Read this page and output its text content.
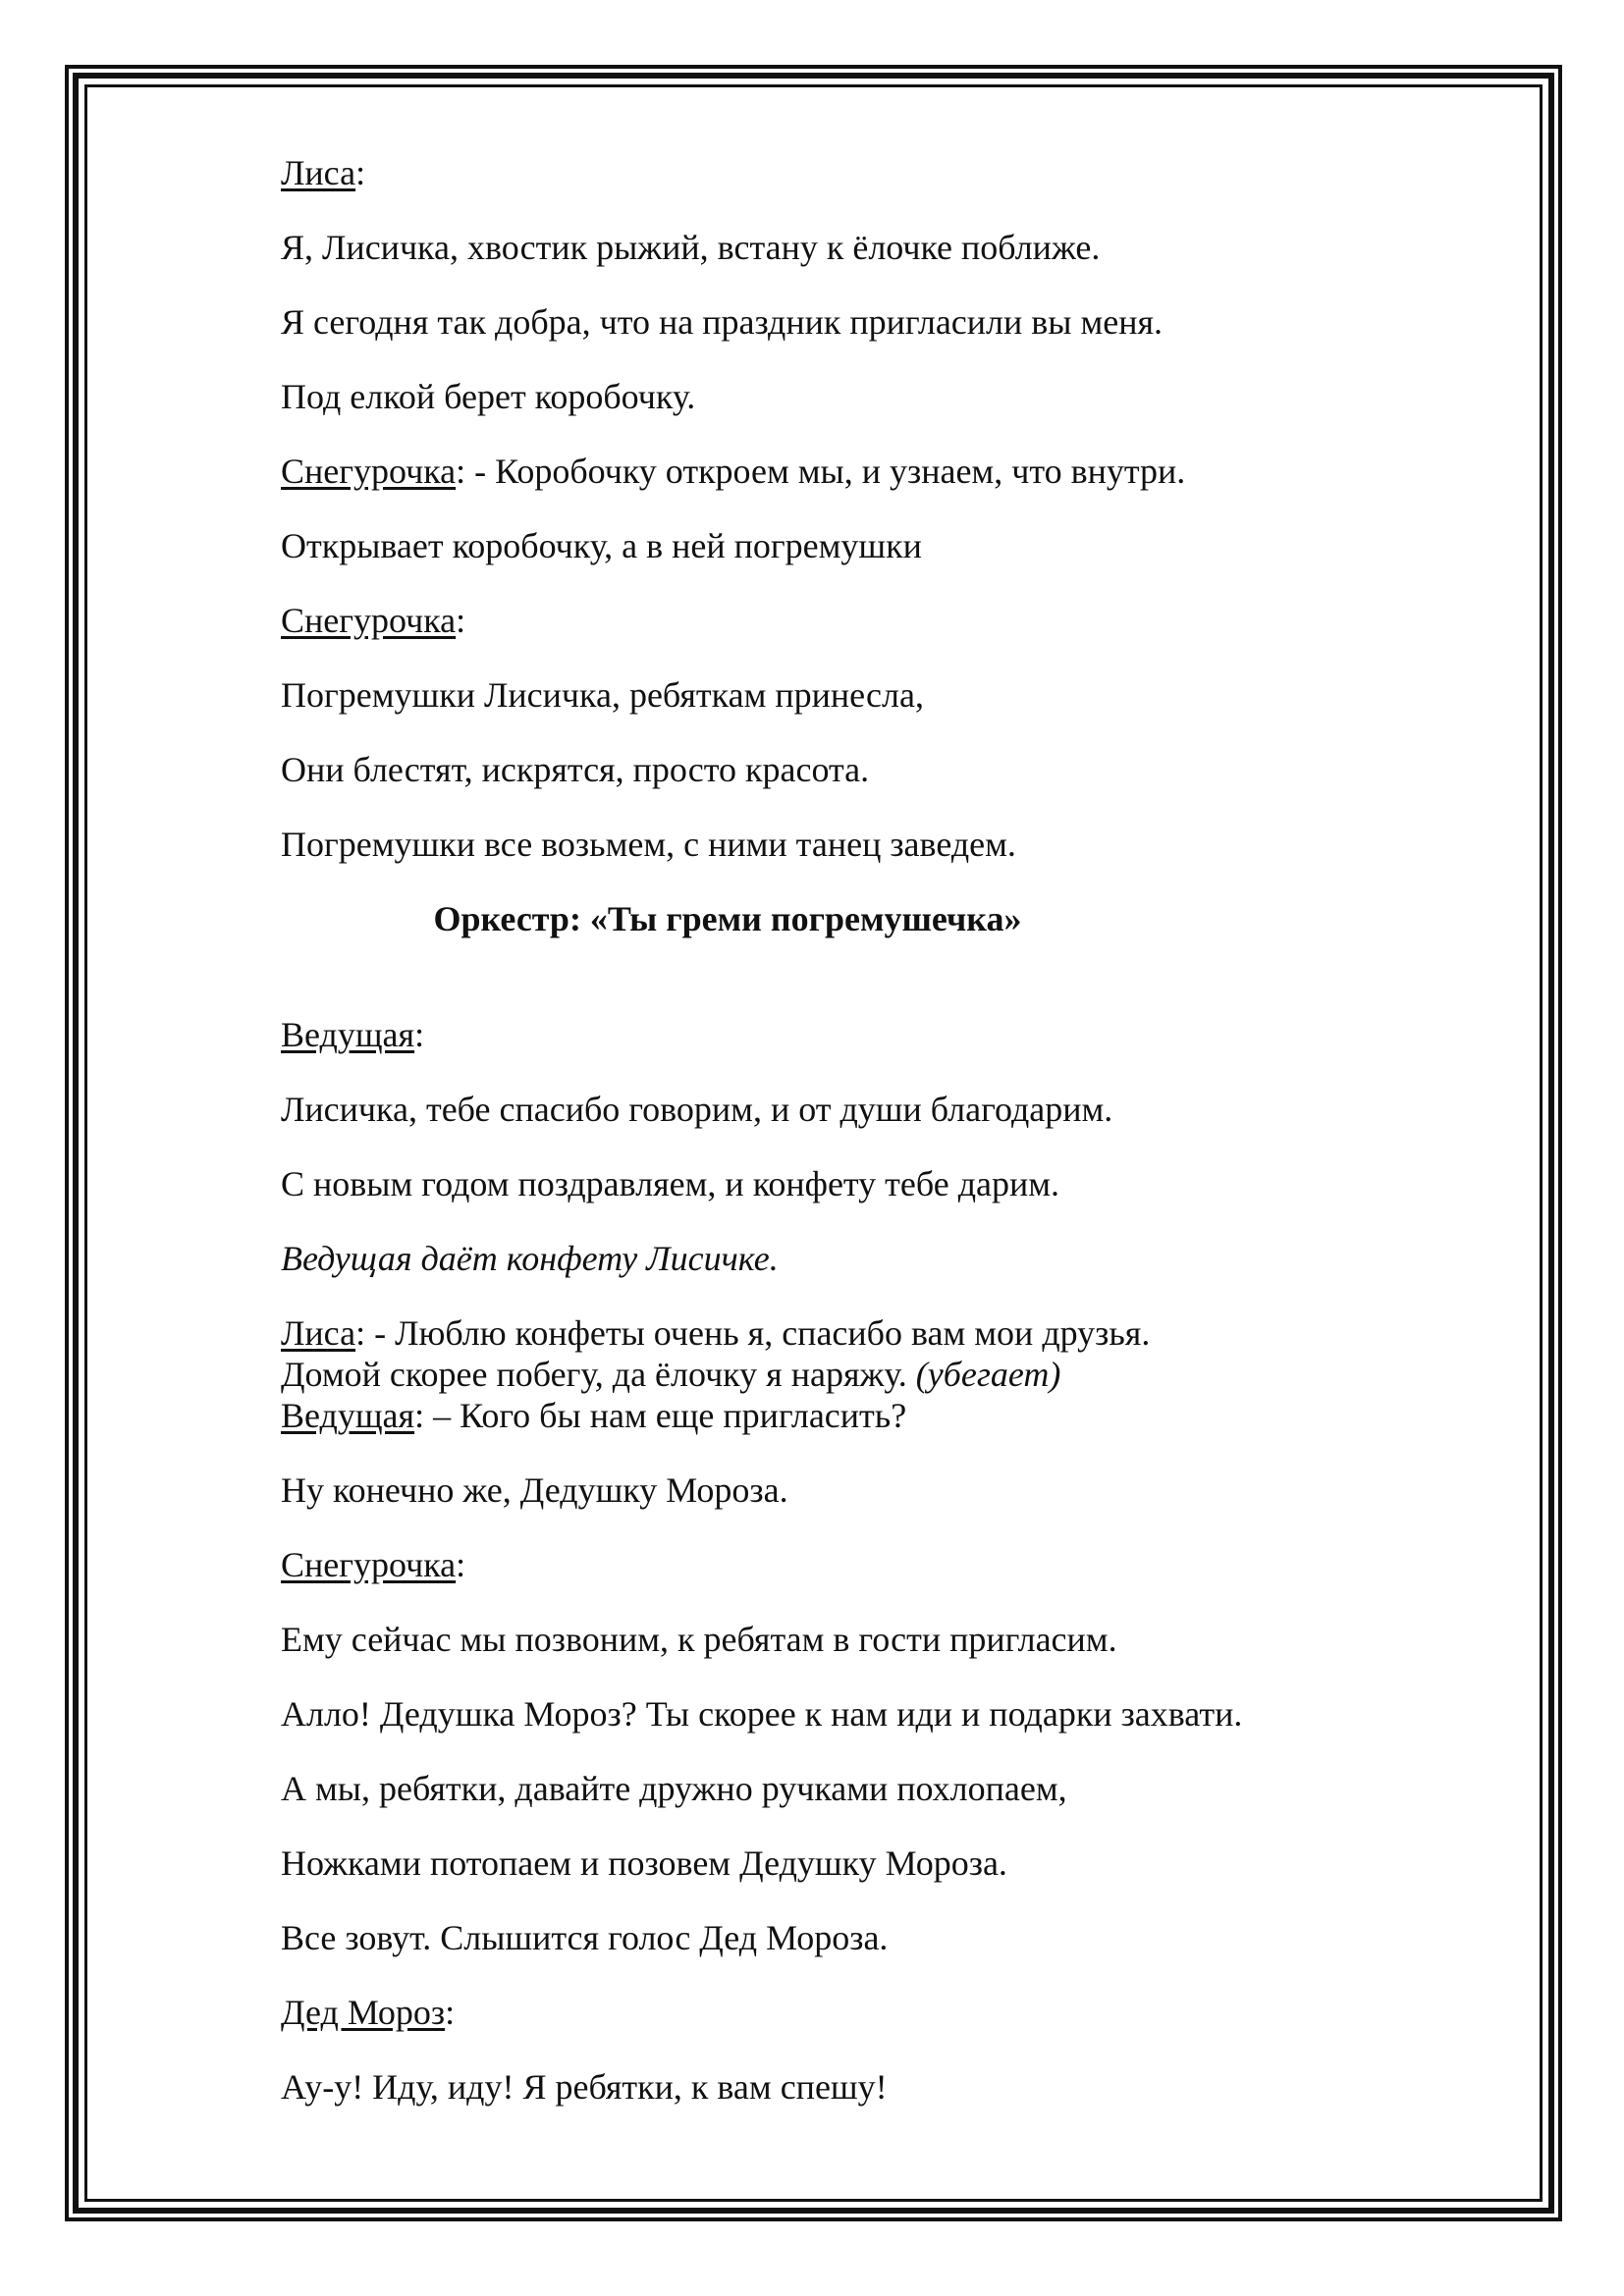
Лиса:

Я, Лисичка, хвостик рыжий, встану к ёлочке поближе.

Я сегодня так добра, что на праздник пригласили вы меня.

Под елкой берет коробочку.

Снегурочка: - Коробочку откроем мы, и узнаем, что внутри.

Открывает коробочку, а в ней погремушки

Снегурочка:

Погремушки Лисичка, ребяткам принесла,

Они блестят, искрятся, просто красота.

Погремушки все возьмем, с ними танец заведем.

Оркестр: «Ты греми погремушечка»

Ведущая:

Лисичка, тебе спасибо говорим, и от души благодарим.

С новым годом поздравляем, и конфету тебе дарим.

Ведущая даёт конфету Лисичке.

Лиса: - Люблю конфеты очень я, спасибо вам мои друзья.

Домой скорее побегу, да ёлочку я наряжу. (убегает)

Ведущая: – Кого бы нам еще пригласить?

Ну конечно же, Дедушку Мороза.

Снегурочка:

Ему сейчас мы позвоним, к ребятам в гости пригласим.

Алло! Дедушка Мороз? Ты скорее к нам иди и подарки захвати.

А мы, ребятки, давайте дружно ручками похлопаем,

Ножками потопаем и позовем Дедушку Мороза.

Все зовут. Слышится голос Дед Мороза.

Дед Мороз:

Ау-у! Иду, иду! Я ребятки, к вам спешу!
